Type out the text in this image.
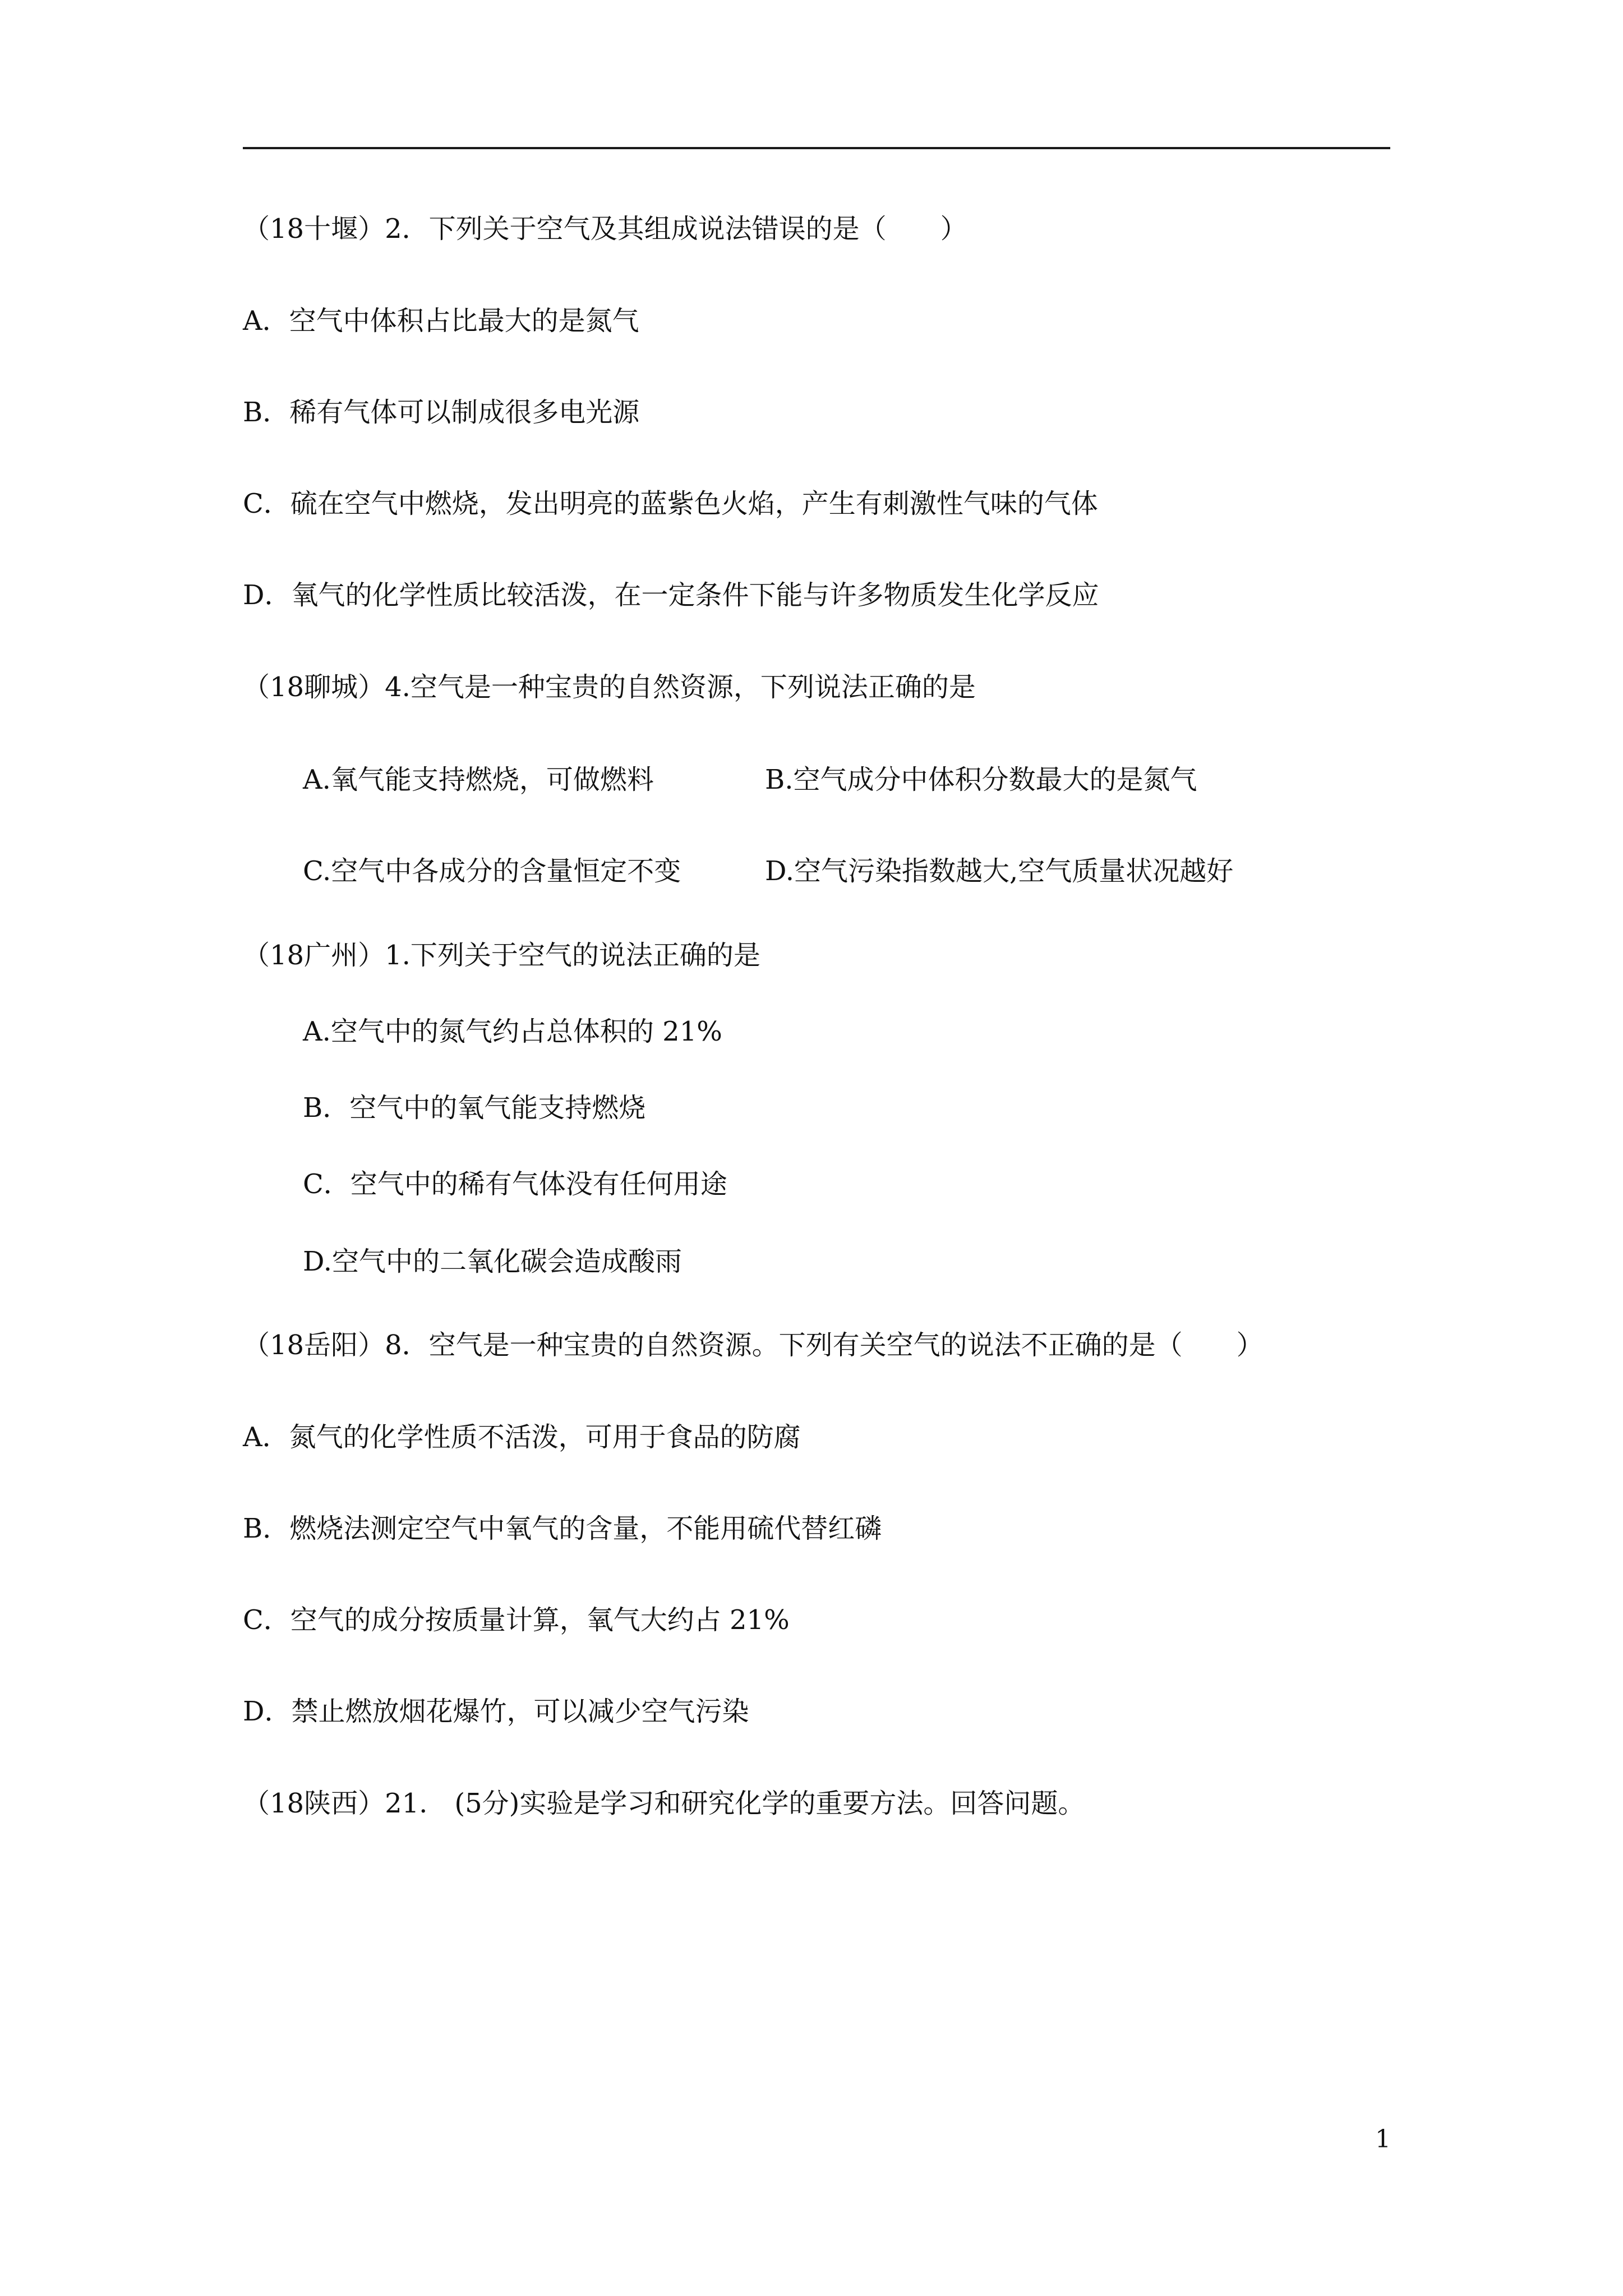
（18十堰）2．下列关于空气及其组成说法错误的是（　　）
A．空气中体积占比最大的是氮气
B．稀有气体可以制成很多电光源
C．硫在空气中燃烧，发出明亮的蓝紫色火焰，产生有刺激性气味的气体
D．氧气的化学性质比较活泼，在一定条件下能与许多物质发生化学反应
（18聊城）4.空气是一种宝贵的自然资源，下列说法正确的是
A.氧气能支持燃烧，可做燃料	B.空气成分中体积分数最大的是氮气
C.空气中各成分的含量恒定不变	D.空气污染指数越大,空气质量状况越好
（18广州）1.下列关于空气的说法正确的是
A.空气中的氮气约占总体积的 21%
B．空气中的氧气能支持燃烧
C．空气中的稀有气体没有任何用途
D.空气中的二氧化碳会造成酸雨
（18岳阳）8．空气是一种宝贵的自然资源。下列有关空气的说法不正确的是（　　）
A．氮气的化学性质不活泼，可用于食品的防腐
B．燃烧法测定空气中氧气的含量，不能用硫代替红磷
C．空气的成分按质量计算，氧气大约占 21%
D．禁止燃放烟花爆竹，可以减少空气污染
（18陕西）21.　(5分)实验是学习和研究化学的重要方法。回答问题。
1
